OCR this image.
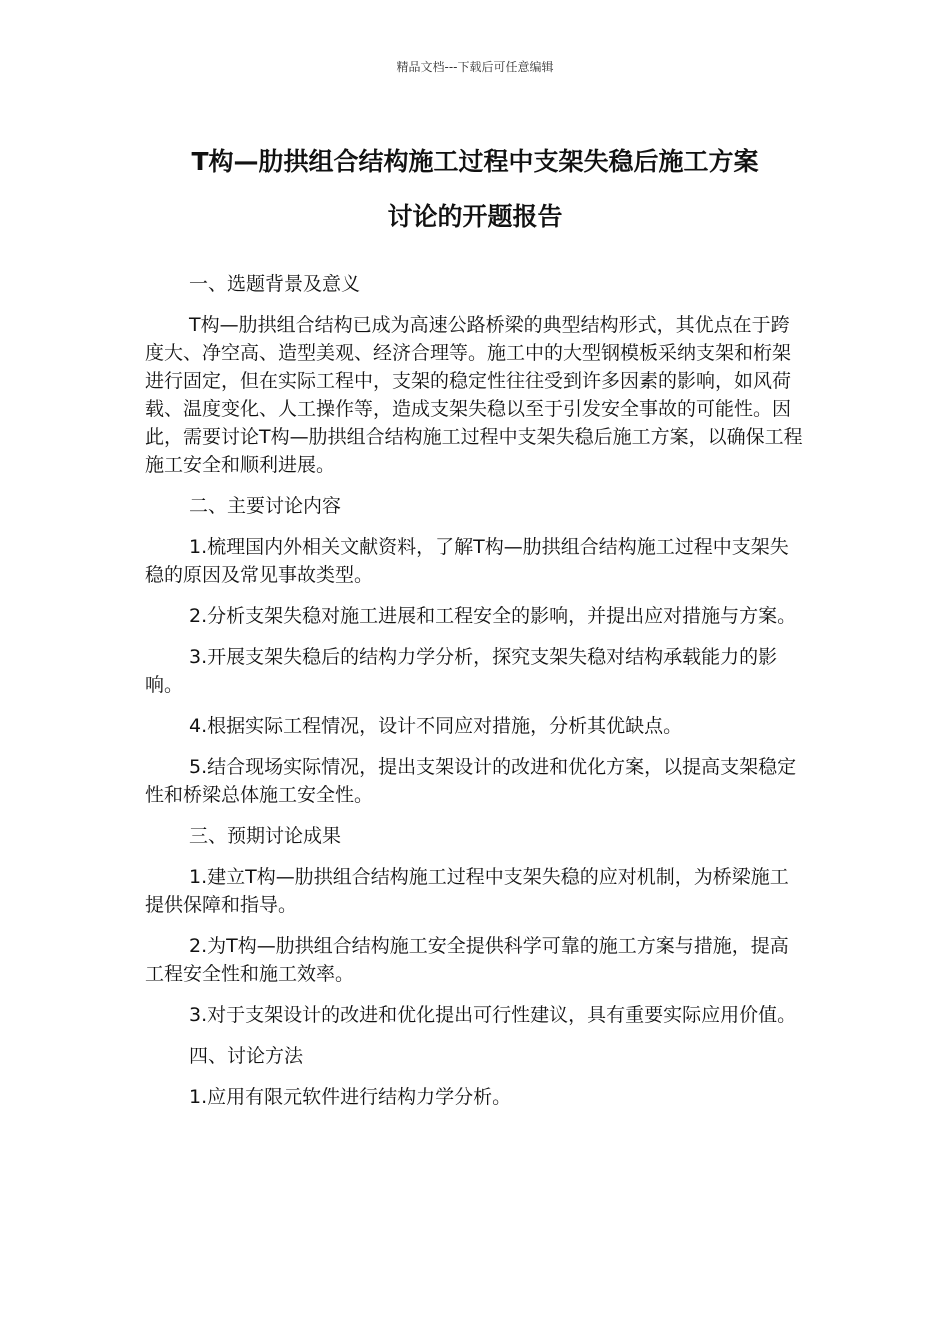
精品文档---下载后可任意编辑
T构—肋拱组合结构施工过程中支架失稳后施工方案
讨论的开题报告

一、选题背景及意义

T构—肋拱组合结构已成为高速公路桥梁的典型结构形式，其优点在于跨度大、净空高、造型美观、经济合理等。施工中的大型钢模板采纳支架和桁架进行固定，但在实际工程中，支架的稳定性往往受到许多因素的影响，如风荷载、温度变化、人工操作等，造成支架失稳以至于引发安全事故的可能性。因此，需要讨论T构—肋拱组合结构施工过程中支架失稳后施工方案，以确保工程施工安全和顺利进展。

二、主要讨论内容

1.梳理国内外相关文献资料，了解T构—肋拱组合结构施工过程中支架失稳的原因及常见事故类型。

2.分析支架失稳对施工进展和工程安全的影响，并提出应对措施与方案。

3.开展支架失稳后的结构力学分析，探究支架失稳对结构承载能力的影响。

4.根据实际工程情况，设计不同应对措施，分析其优缺点。

5.结合现场实际情况，提出支架设计的改进和优化方案，以提高支架稳定性和桥梁总体施工安全性。

三、预期讨论成果

1.建立T构—肋拱组合结构施工过程中支架失稳的应对机制，为桥梁施工提供保障和指导。

2.为T构—肋拱组合结构施工安全提供科学可靠的施工方案与措施，提高工程安全性和施工效率。

3.对于支架设计的改进和优化提出可行性建议，具有重要实际应用价值。

四、讨论方法

1.应用有限元软件进行结构力学分析。
